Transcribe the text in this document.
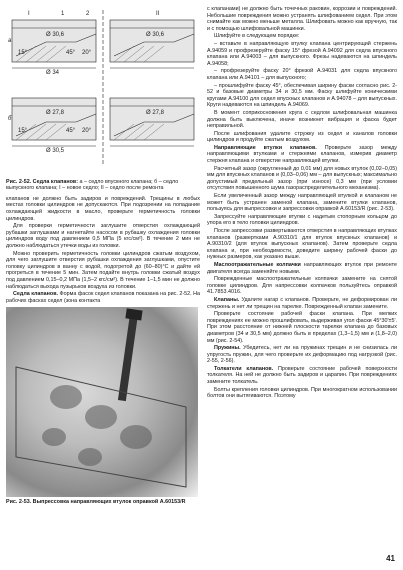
I	II
1	2
а
б
Ø 30,6
Ø 34
Ø 30,6
Ø 27,8
Ø 30,5
Ø 27,8
15°	45° 20°
15°	45° 20°
Рис. 2-52. Седла клапанов: а – седло впускного клапана; б – седло выпускного клапана; I – новое седло; II – седло после ремонта

клапанов не должно быть задиров и повреждений. Трещины в любых местах головки цилиндров не допускаются. При подозрении на попадание охлаждающей жидкости в масло, проверьте герметичность головки цилиндров.

Для проверки герметичности заглушите отверстия охлаждающей рубашки заглушками и нагнетайте насосом в рубашку охлаждения головки цилиндров воду под давлением 0,5 МПа (5 кгс/см²). В течение 2 мин не должно наблюдаться утечки воды из головки.

Можно проверить герметичность головки цилиндров сжатым воздухом, для чего заглушите отверстия рубашки охлаждения заглушками, опустите головку цилиндров в ванну с водой, подогретой до (60–80)°С и дайте ей прогреться в течение 5 мин. Затем подайте внутрь головки сжатый воздух под давлением 0,15–0,2 МПа (1,5–2 кгс/см²). В течение 1–1,5 мин не должно наблюдаться выхода пузырьков воздуха из головки.

Седла клапанов. Форма фасок седел клапанов показана на рис. 2-52. На рабочих фасках седел (зона контакта

Рис. 2-53. Выпрессовка направляющих втулок оправкой А.60153/R

с клапанами) не должно быть точечных раковин, коррозии и повреждений. Небольшие повреждения можно устранять шлифованием седел. При этом снимайте как можно меньше металла. Шлифовать можно как вручную, так и с помощью шлифовальной машинки.

Шлифуйте в следующем порядке:

– вставьте в направляющую втулку клапана центрирующий стержень А.94059 и профрезеруйте фаску 15° фрезой А.94092 для седла впускного клапана или А.94003 – для выпускного. Фрезы надеваются на шпиндель А.94058;

– профрезеруйте фаску 20° фрезой А.94031 для седла впускного клапана или А.94101 – для выпускного;

– прошлифуйте фаску 45°, обеспечивая ширину фаски согласно рис. 2-52 и базовые диаметры 34 и 30,5 мм. Фаску шлифуйте коническими кругами А.94100 для седел впускных клапанов и А.94078 – для выпускных. Круги надеваются на шпиндель А.94069.

В момент соприкосновения круга с седлом шлифовальная машинка должна быть выключена, иначе возникнет вибрация и фаска будет неправильной.

После шлифования удалите стружку из седел и каналов головки цилиндров и продуйте сжатым воздухом.

Направляющие втулки клапанов. Проверьте зазор между направляющими втулками и стержнями клапанов, измерив диаметр стержня клапана и отверстие направляющей втулки.

Расчетный зазор (округленный до 0,01 мм) для новых втулок (0,02–0,05) мм для впускных клапанов и (0,03–0,06) мм – для выпускных; максимально допустимый предельный зазор (при износе) 0,3 мм (при условии отсутствия повышенного шума газораспределительного механизма).

Если увеличенный зазор между направляющей втулкой и клапаном не может быть устранен заменой клапана, замените втулки клапанов, пользуясь для выпрессовки и запрессовки оправкой А.60153/R (рис. 2-53).

Запрессуйте направляющие втулки с надетым стопорным кольцом до упора его в тело головки цилиндров.

После запрессовки развертываются отверстия в направляющих втулках клапанов (развертками А.90310/1 для втулок впускных клапанов) и А.90310/2 (для втулок выпускных клапанов). Затем проверьте седла клапана и, при необходимости, доведите ширину рабочей фаски до нужных размеров, как указано выше.

Маслоотражательные колпачки направляющих втулок при ремонте двигателя всегда заменяйте новыми.

Поврежденные маслоотражательные колпачки замените на снятой головке цилиндров. Для напрессовки колпачков пользуйтесь оправкой 41.7853.4016.

Клапаны. Удалите нагар с клапанов. Проверьте, не деформирован ли стержень и нет ли трещин на тарелке. Поврежденный клапан замените.

Проверьте состояние рабочей фаски клапана. При мелких повреждениях ее можно прошлифовать, выдерживая угол фаски 45°30'±5'. При этом расстояние от нижней плоскости тарелки клапана до базовых диаметров (34 и 30,5 мм) должно быть в пределах (1,3–1,5) мм и (1,8–2,0) мм (рис. 2-54).

Пружины. Убедитесь, нет ли на пружинах трещин и не снизилась ли упругость пружин, для чего проверьте их деформацию под нагрузкой (рис. 2-55, 2-56).

Толкатели клапанов. Проверьте состояние рабочей поверхности толкателя. На ней не должно быть задиров и царапин. При повреждениях замените толкатель.

Болты крепления головки цилиндров. При многократном использовании болтов они вытягиваются. Поэтому

41
